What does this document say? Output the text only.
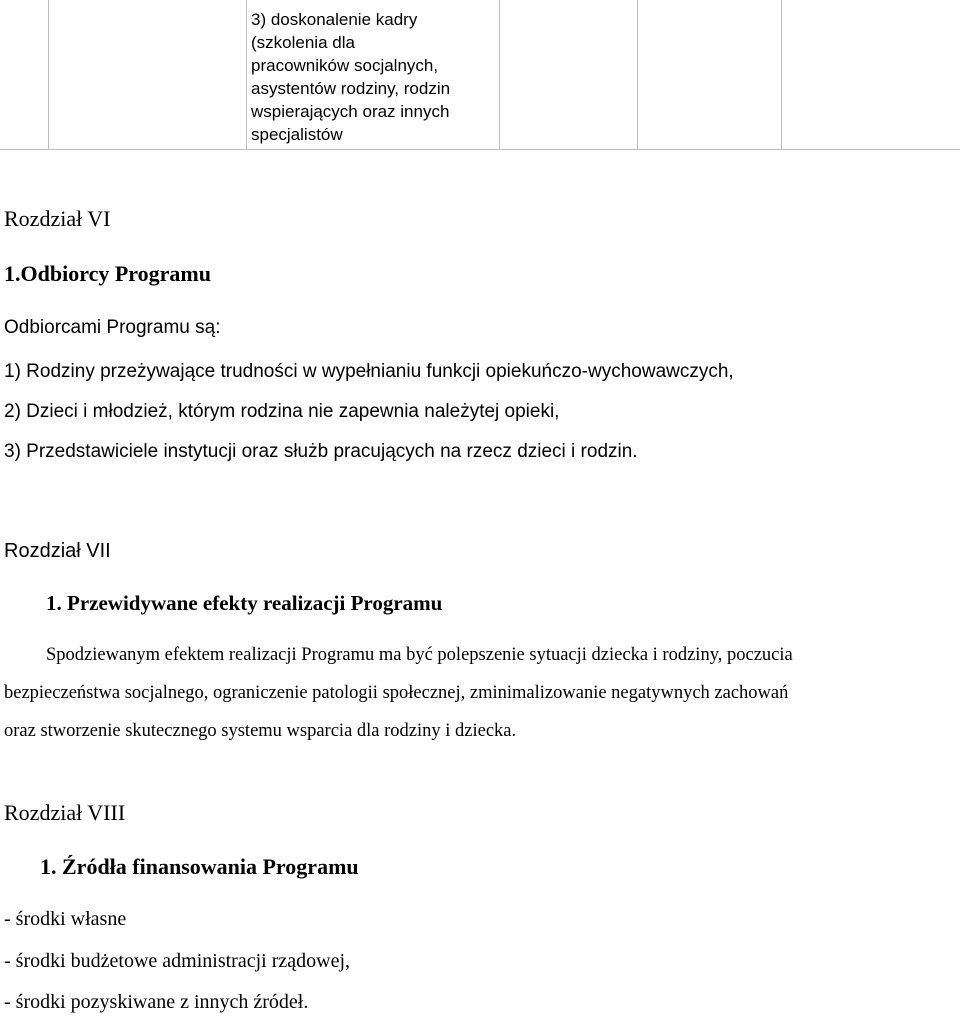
3) doskonalenie kadry
(szkolenia dla
pracowników socjalnych,
asystentów rodziny, rodzin
wspierających oraz innych
specjalistów
Rozdział VI
1.Odbiorcy Programu
Odbiorcami Programu są:
1) Rodziny przeżywające trudności w wypełnianiu funkcji opiekuńczo-wychowawczych,
2) Dzieci i młodzież, którym rodzina nie zapewnia należytej opieki,
3) Przedstawiciele instytucji oraz służb pracujących na rzecz dzieci i rodzin.
Rozdział VII
1. Przewidywane efekty realizacji Programu
Spodziewanym efektem realizacji Programu ma być polepszenie sytuacji dziecka i rodziny, poczucia
bezpieczeństwa socjalnego, ograniczenie patologii społecznej, zminimalizowanie negatywnych zachowań
oraz stworzenie skutecznego systemu wsparcia dla rodziny i dziecka.
Rozdział VIII
1. Źródła finansowania Programu
- środki własne
- środki budżetowe administracji rządowej,
- środki pozyskiwane z innych źródeł.
